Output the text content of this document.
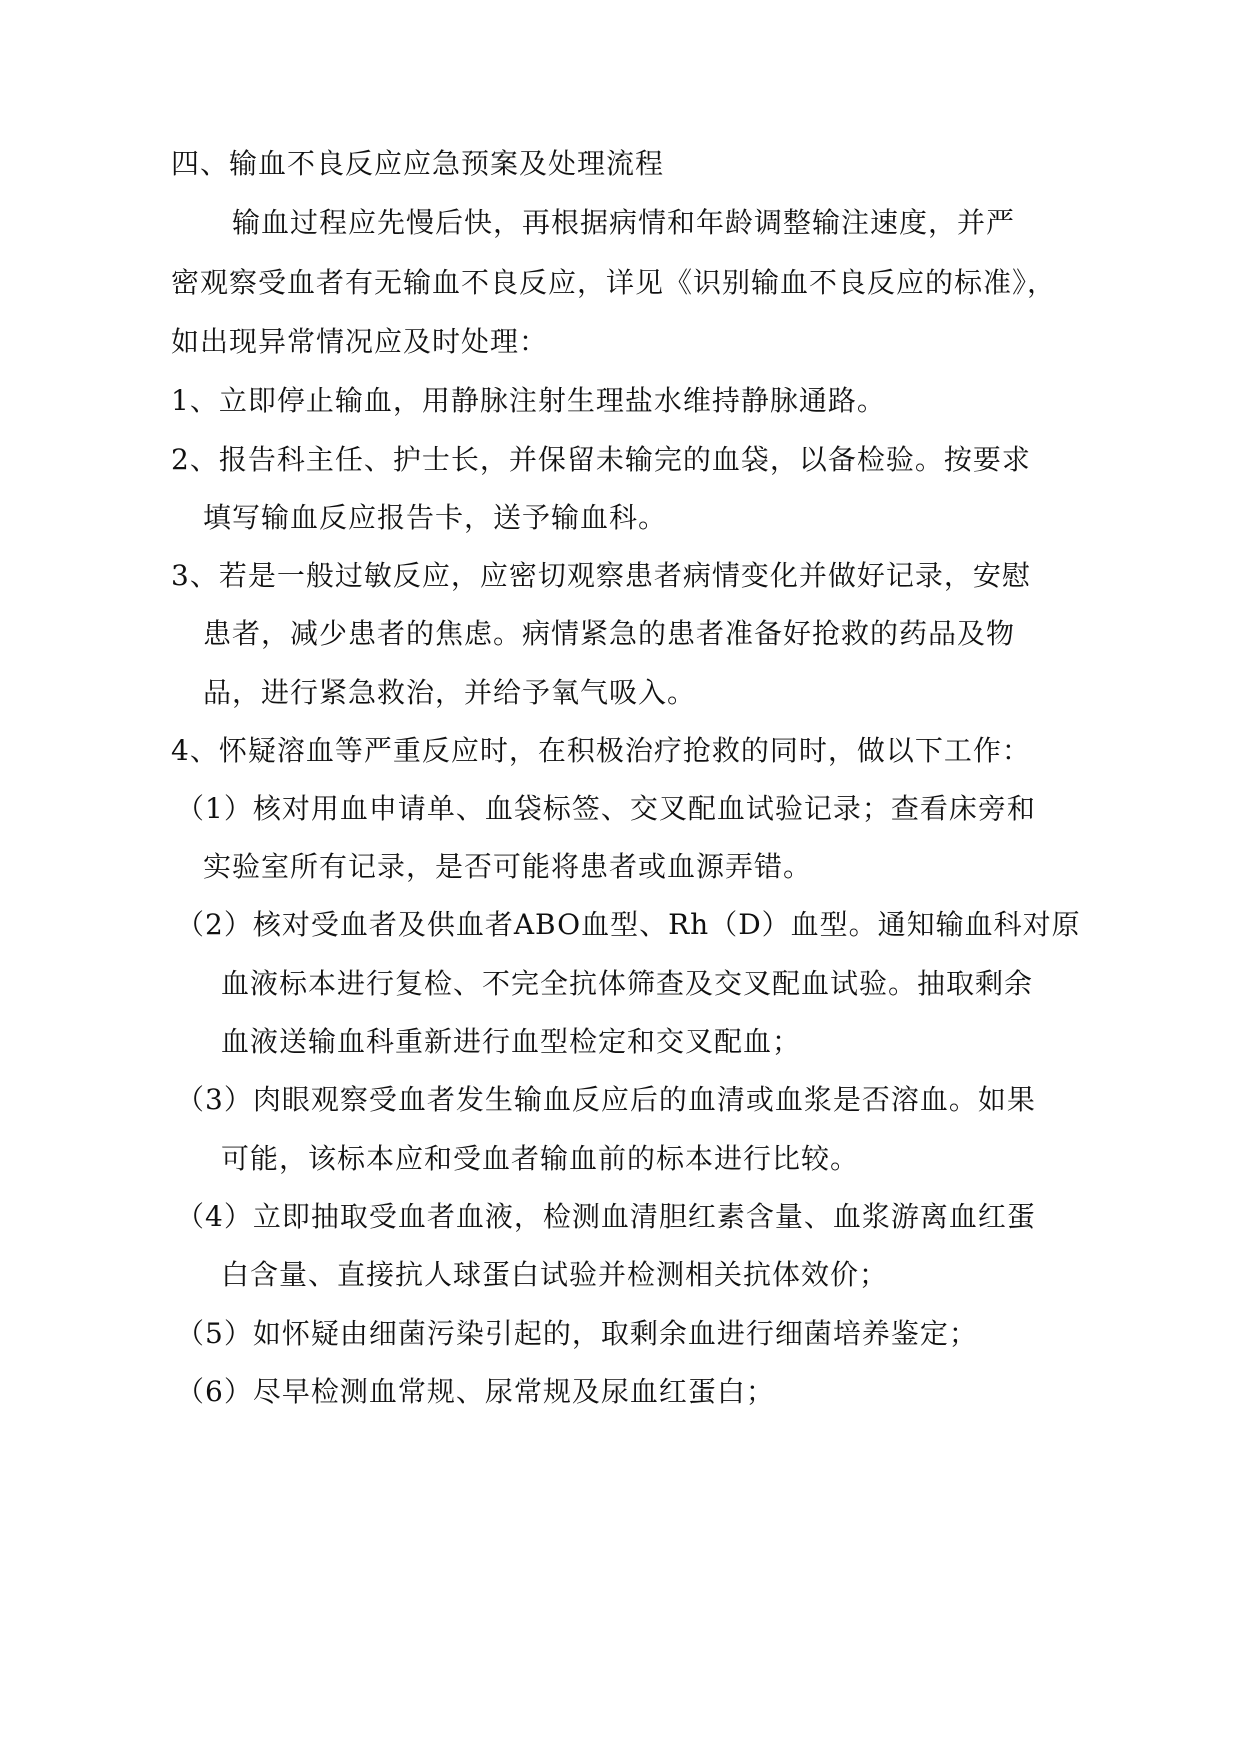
四、输血不良反应应急预案及处理流程
输血过程应先慢后快，再根据病情和年龄调整输注速度，并严
密观察受血者有无输血不良反应，详见《识别输血不良反应的标准》，
如出现异常情况应及时处理：
1、立即停止输血，用静脉注射生理盐水维持静脉通路。
2、报告科主任、护士长，并保留未输完的血袋，以备检验。按要求
填写输血反应报告卡，送予输血科。
3、若是一般过敏反应，应密切观察患者病情变化并做好记录，安慰
患者，减少患者的焦虑。病情紧急的患者准备好抢救的药品及物
品，进行紧急救治，并给予氧气吸入。
4、怀疑溶血等严重反应时，在积极治疗抢救的同时，做以下工作：
（1）核对用血申请单、血袋标签、交叉配血试验记录；查看床旁和
实验室所有记录，是否可能将患者或血源弄错。
（2）核对受血者及供血者ABO血型、Rh（D）血型。通知输血科对原
血液标本进行复检、不完全抗体筛查及交叉配血试验。抽取剩余
血液送输血科重新进行血型检定和交叉配血；
（3）肉眼观察受血者发生输血反应后的血清或血浆是否溶血。如果
可能，该标本应和受血者输血前的标本进行比较。
（4）立即抽取受血者血液，检测血清胆红素含量、血浆游离血红蛋
白含量、直接抗人球蛋白试验并检测相关抗体效价；
（5）如怀疑由细菌污染引起的，取剩余血进行细菌培养鉴定；
（6）尽早检测血常规、尿常规及尿血红蛋白；
